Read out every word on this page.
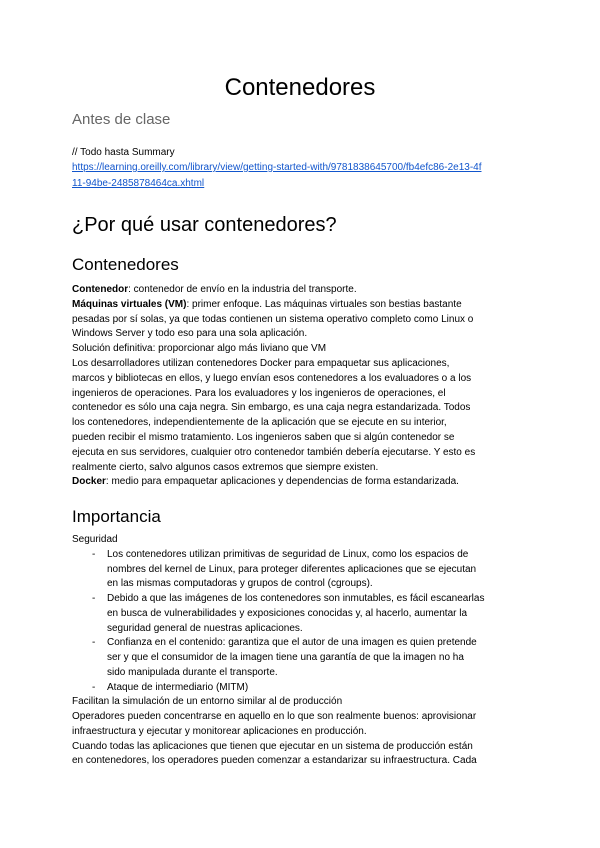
Contenedores
Antes de clase
// Todo hasta Summary
https://learning.oreilly.com/library/view/getting-started-with/9781838645700/fb4efc86-2e13-4f
11-94be-2485878464ca.xhtml
¿Por qué usar contenedores?
Contenedores
Contenedor: contenedor de envío en la industria del transporte.
Máquinas virtuales (VM): primer enfoque. Las máquinas virtuales son bestias bastante
pesadas por sí solas, ya que todas contienen un sistema operativo completo como Linux o
Windows Server y todo eso para una sola aplicación.
Solución definitiva: proporcionar algo más liviano que VM
Los desarrolladores utilizan contenedores Docker para empaquetar sus aplicaciones,
marcos y bibliotecas en ellos, y luego envían esos contenedores a los evaluadores o a los
ingenieros de operaciones. Para los evaluadores y los ingenieros de operaciones, el
contenedor es sólo una caja negra. Sin embargo, es una caja negra estandarizada. Todos
los contenedores, independientemente de la aplicación que se ejecute en su interior,
pueden recibir el mismo tratamiento. Los ingenieros saben que si algún contenedor se
ejecuta en sus servidores, cualquier otro contenedor también debería ejecutarse. Y esto es
realmente cierto, salvo algunos casos extremos que siempre existen.
Docker: medio para empaquetar aplicaciones y dependencias de forma estandarizada.
Importancia
Seguridad
- Los contenedores utilizan primitivas de seguridad de Linux, como los espacios de
nombres del kernel de Linux, para proteger diferentes aplicaciones que se ejecutan
en las mismas computadoras y grupos de control (cgroups).
- Debido a que las imágenes de los contenedores son inmutables, es fácil escanearlas
en busca de vulnerabilidades y exposiciones conocidas y, al hacerlo, aumentar la
seguridad general de nuestras aplicaciones.
- Confianza en el contenido: garantiza que el autor de una imagen es quien pretende
ser y que el consumidor de la imagen tiene una garantía de que la imagen no ha
sido manipulada durante el transporte.
- Ataque de intermediario (MITM)
Facilitan la simulación de un entorno similar al de producción
Operadores pueden concentrarse en aquello en lo que son realmente buenos: aprovisionar
infraestructura y ejecutar y monitorear aplicaciones en producción.
Cuando todas las aplicaciones que tienen que ejecutar en un sistema de producción están
en contenedores, los operadores pueden comenzar a estandarizar su infraestructura. Cada
